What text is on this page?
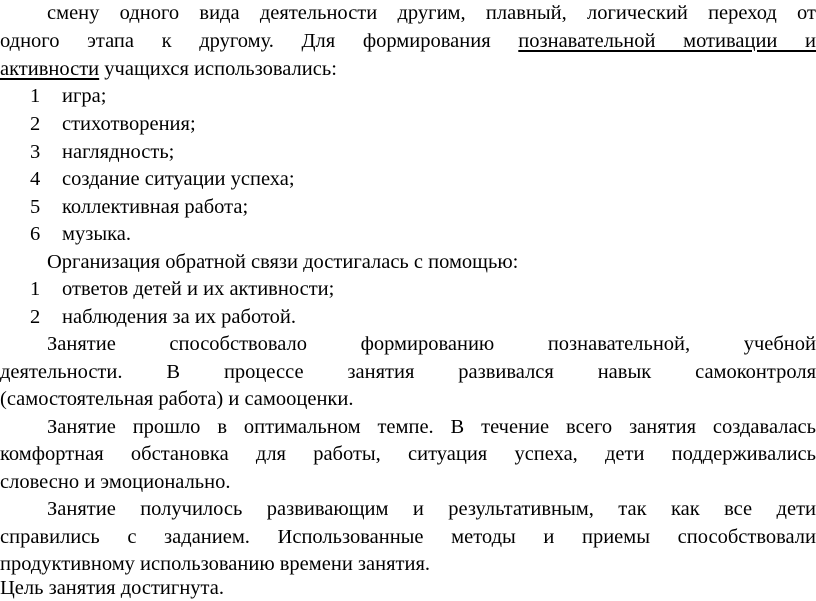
смену одного вида деятельности другим, плавный, логический переход от
одного этапа к другому. Для формирования познавательной мотивации и
активности учащихся использовались:
1 игра;
2 стихотворения;
3 наглядность;
4 создание ситуации успеха;
5 коллективная работа;
6 музыка.
Организация обратной связи достигалась с помощью:
1 ответов детей и их активности;
2 наблюдения за их работой.
Занятие способствовало формированию познавательной, учебной
деятельности. В процессе занятия развивался навык самоконтроля
(самостоятельная работа) и самооценки.
Занятие прошло в оптимальном темпе. В течение всего занятия создавалась
комфортная обстановка для работы, ситуация успеха, дети поддерживались
словесно и эмоционально.
Занятие получилось развивающим и результативным, так как все дети
справились с заданием. Использованные методы и приемы способствовали
продуктивному использованию времени занятия.
Цель занятия достигнута.
